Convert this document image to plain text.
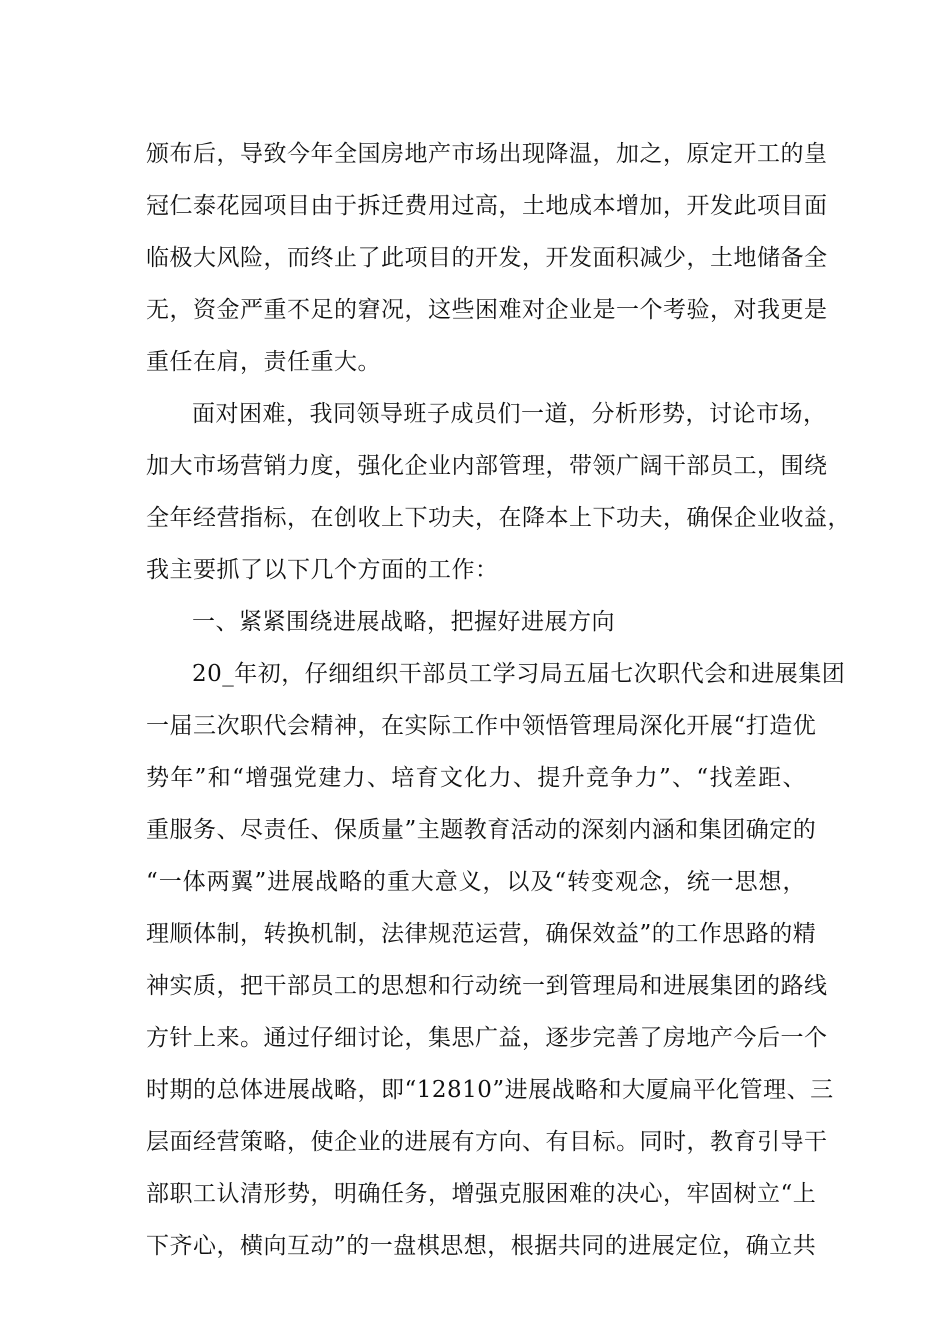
颁布后，导致今年全国房地产市场出现降温，加之，原定开工的皇
冠仁泰花园项目由于拆迁费用过高，土地成本增加，开发此项目面
临极大风险，而终止了此项目的开发，开发面积减少，土地储备全
无，资金严重不足的窘况，这些困难对企业是一个考验，对我更是
重任在肩，责任重大。
面对困难，我同领导班子成员们一道，分析形势，讨论市场，
加大市场营销力度，强化企业内部管理，带领广阔干部员工，围绕
全年经营指标，在创收上下功夫，在降本上下功夫，确保企业收益，
我主要抓了以下几个方面的工作：
一、紧紧围绕进展战略，把握好进展方向
20_年初，仔细组织干部员工学习局五届七次职代会和进展集团
一届三次职代会精神，在实际工作中领悟管理局深化开展“打造优
势年”和“增强党建力、培育文化力、提升竞争力”、“找差距、
重服务、尽责任、保质量”主题教育活动的深刻内涵和集团确定的
“一体两翼”进展战略的重大意义，以及“转变观念，统一思想，
理顺体制，转换机制，法律规范运营，确保效益”的工作思路的精
神实质，把干部员工的思想和行动统一到管理局和进展集团的路线
方针上来。通过仔细讨论，集思广益，逐步完善了房地产今后一个
时期的总体进展战略，即“12810”进展战略和大厦扁平化管理、三
层面经营策略，使企业的进展有方向、有目标。同时，教育引导干
部职工认清形势，明确任务，增强克服困难的决心，牢固树立“上
下齐心，横向互动”的一盘棋思想，根据共同的进展定位，确立共
